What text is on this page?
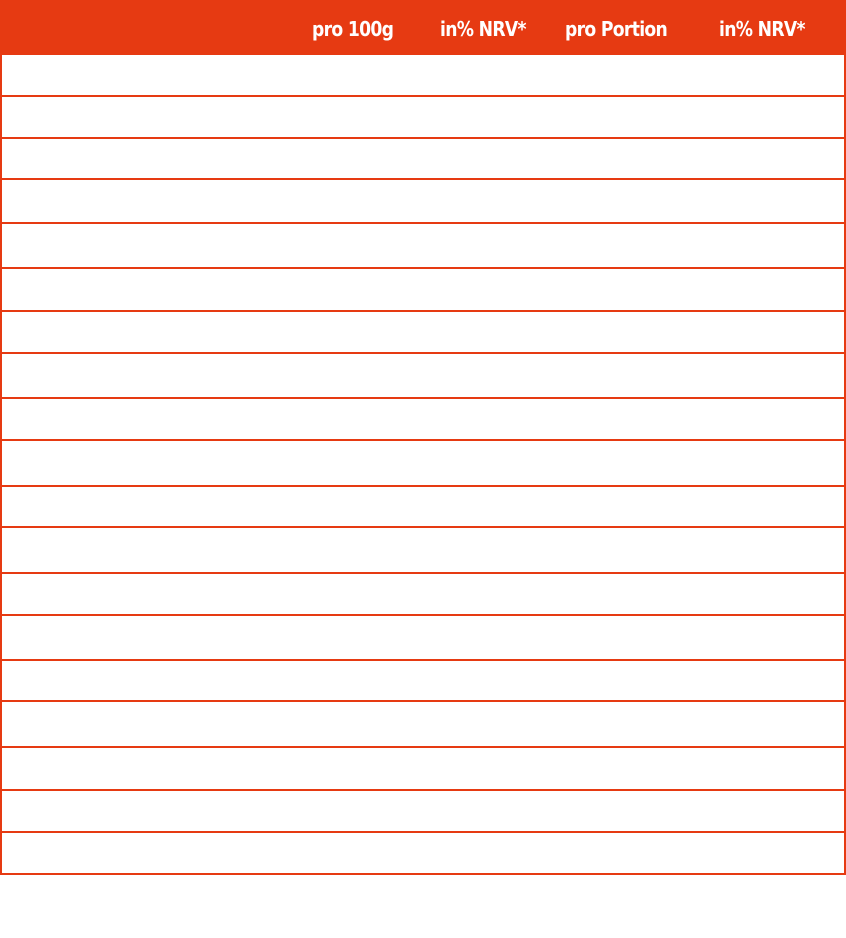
pro 100g in% NRV* pro Portion	in% NRV*
